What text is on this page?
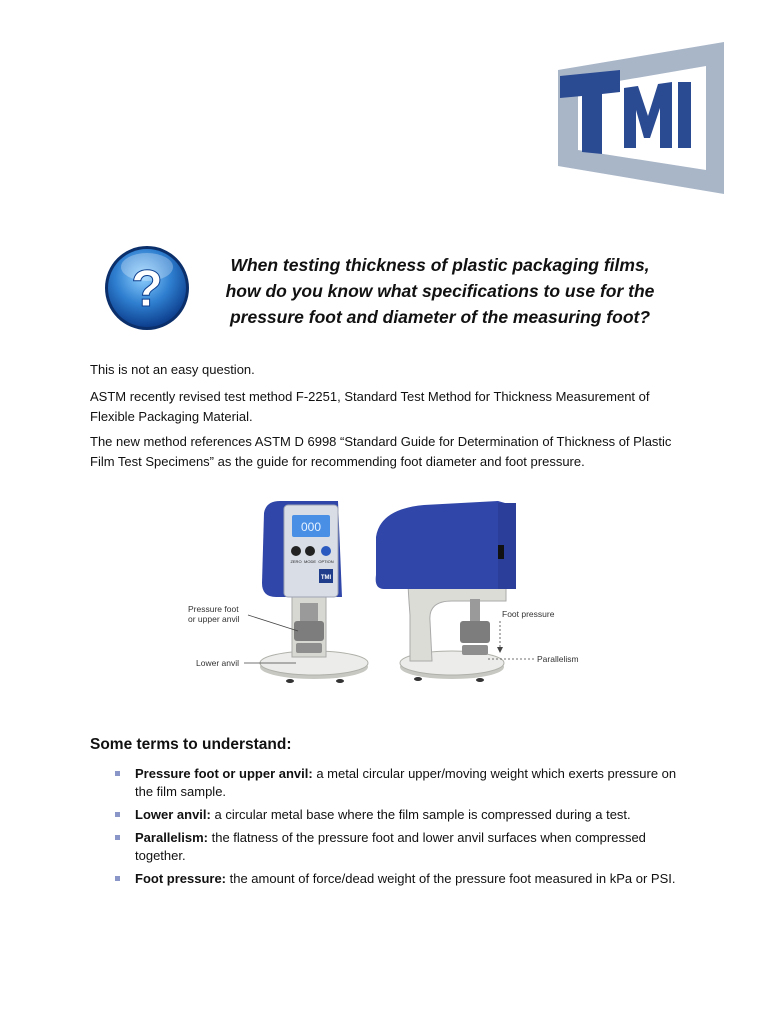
TMI
?	When testing thickness of plastic packaging films,
how do you know what specifications to use for the
pressure foot and diameter of the measuring foot?

This is not an easy question.

ASTM recently revised test method F-2251, Standard Test Method for Thickness Measurement of Flexible Packaging Material.

The new method references ASTM D 6998 “Standard Guide for Determination of Thickness of Plastic Film Test Specimens” as the guide for recommending foot diameter and foot pressure.

000
ZERO MODE OPTION
TMI
Pressure foot
or upper anvil
Lower anvil
Foot pressure
Parallelism
Some terms to understand:
Pressure foot or upper anvil: a metal circular upper/moving weight which exerts pressure on the film sample.
Lower anvil: a circular metal base where the film sample is compressed during a test.
Parallelism: the flatness of the pressure foot and lower anvil surfaces when compressed together.
Foot pressure: the amount of force/dead weight of the pressure foot measured in kPa or PSI.
